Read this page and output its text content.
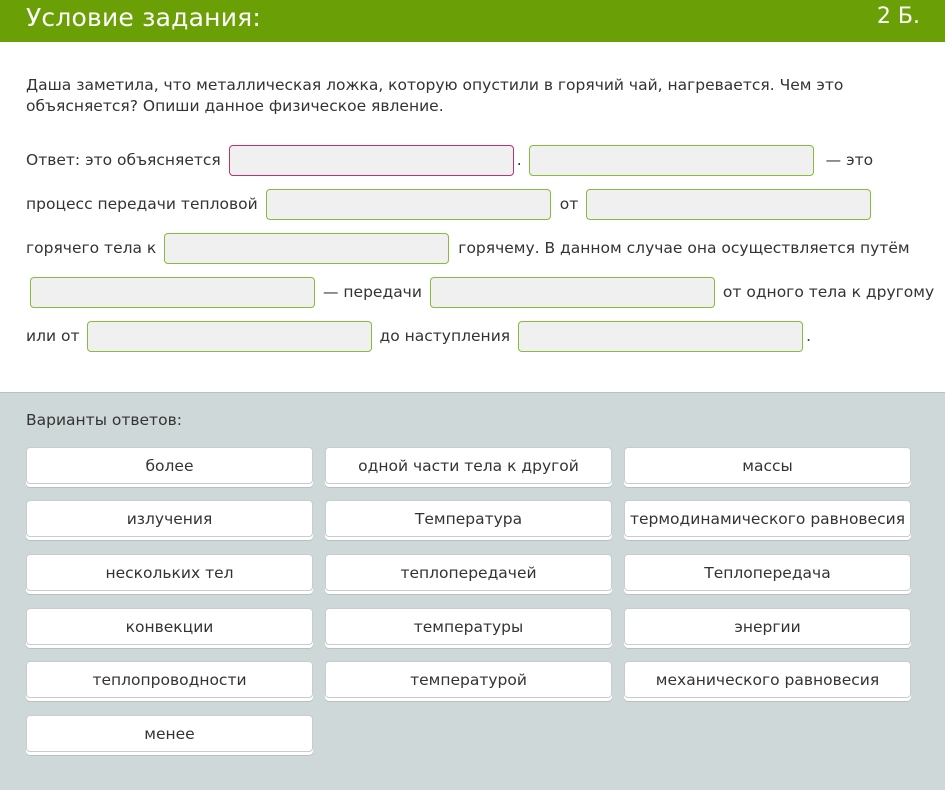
Условие задания:	2 Б.
Даша заметила, что металлическая ложка, которую опустили в горячий чай, нагревается. Чем это объясняется? Опиши данное физическое явление.
Ответ: это объясняется	.	— это
процесс передачи тепловой	от
горячего тела к	горячему. В данном случае она осуществляется путём
— передачи	от одного тела к другому
или от	до наступления	.
Варианты ответов:
более	одной части тела к другой	массы
излучения	Температура	термодинамического равновесия
нескольких тел	теплопередачей	Теплопередача
конвекции	температуры	энергии
теплопроводности	температурой	механического равновесия
менее
